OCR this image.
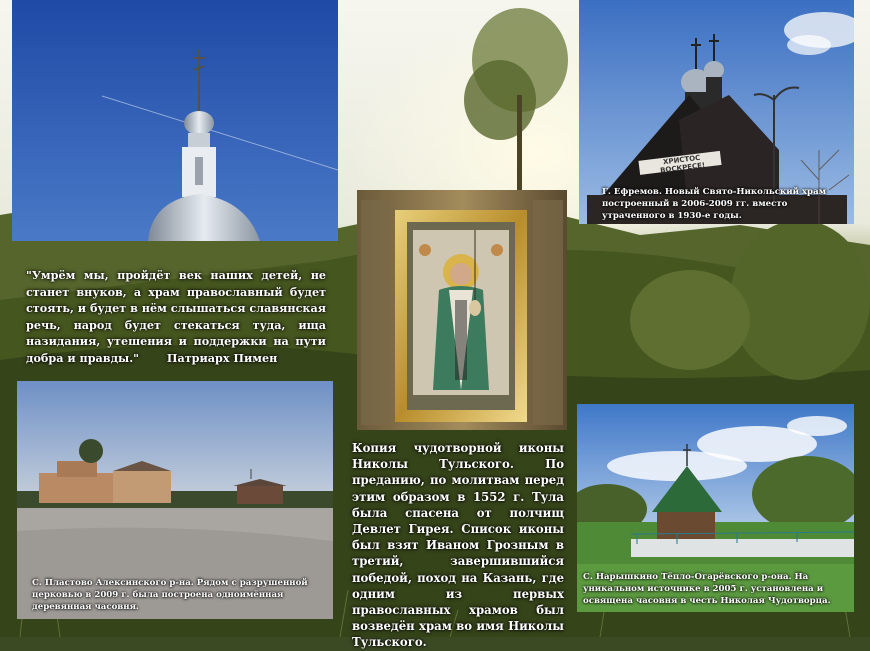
ХРИСТОС ВОСКРЕСЕ!
Г. Ефремов. Новый Свято-Никольский храм построенный в 2006-2009 гг. вместо утраченного в 1930-е годы.
С. Пластово Алексинского р-на. Рядом с разрушенной церковью в 2009 г. была построена одноимённая деревянная часовня.
С. Нарышкино Тёпло-Огарёвского р-она. На уникальном источнике в 2005 г. установлена и освящена часовня в честь Николая Чудотворца.
"Умрём мы, пройдёт век наших детей, не станет внуков, а храм православный будет стоять, и будет в нём слышаться славянская речь, народ будет стекаться туда, ища назидания, утешения и поддержки на пути добра и правды." Патриарх Пимен
Копия чудотворной иконы Николы Тульского. По преданию, по молитвам перед этим образом в 1552 г. Тула была спасена от полчищ Девлет Гирея. Список иконы был взят Иваном Грозным в третий, завершившийся победой, поход на Казань, где одним из первых православных храмов был возведён храм во имя Николы Тульского.
